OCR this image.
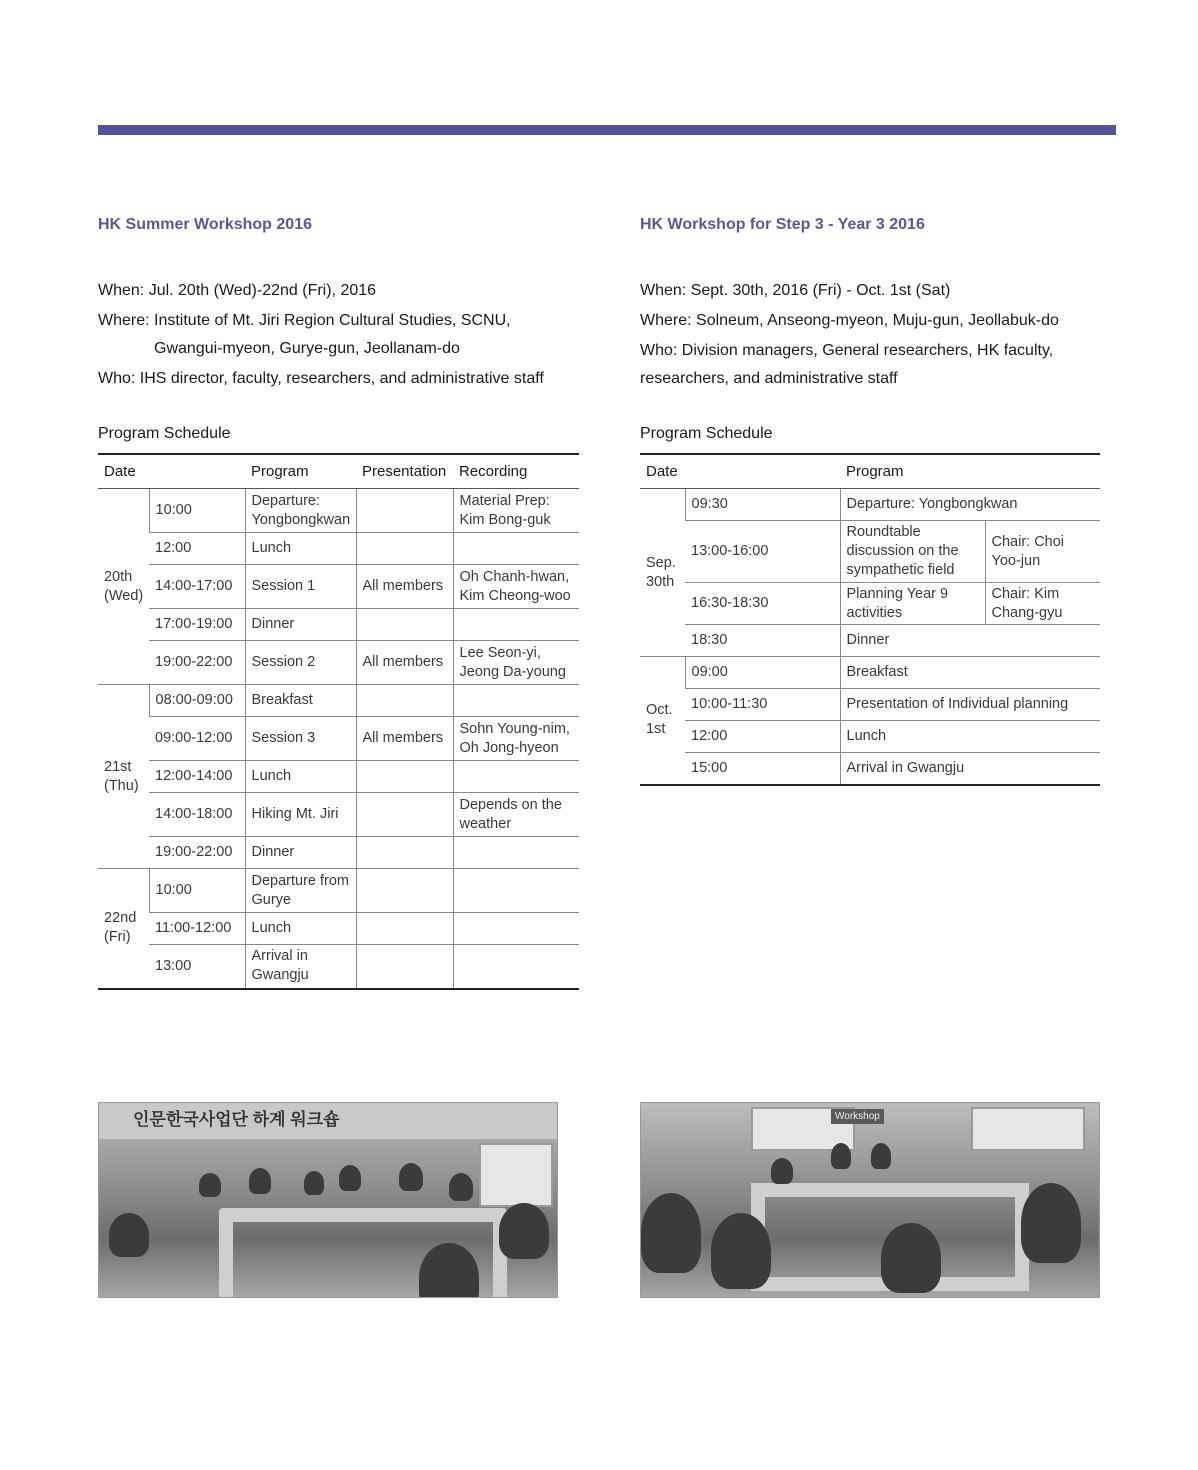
HK Summer Workshop 2016

When: Jul. 20th (Wed)-22nd (Fri), 2016

Where: Institute of Mt. Jiri Region Cultural Studies, SCNU,

Gwangui-myeon, Gurye-gun, Jeollanam-do

Who: IHS director, faculty, researchers, and administrative staff

Program Schedule
Date		Program	Presentation	Recording

20th
(Wed)	10:00	Departure: Yongbongkwan		Material Prep: Kim Bong-guk
	12:00	Lunch		
	14:00-17:00	Session 1	All members	Oh Chanh-hwan, Kim Cheong-woo
	17:00-19:00	Dinner		
	19:00-22:00	Session 2	All members	Lee Seon-yi, Jeong Da-young

21st
(Thu)	08:00-09:00	Breakfast		
	09:00-12:00	Session 3	All members	Sohn Young-nim, Oh Jong-hyeon
	12:00-14:00	Lunch		
	14:00-18:00	Hiking Mt. Jiri		Depends on the weather
	19:00-22:00	Dinner		

22nd
(Fri)	10:00	Departure from Gurye		
	11:00-12:00	Lunch		
	13:00	Arrival in Gwangju		
HK Workshop for Step 3 - Year 3 2016

When: Sept. 30th, 2016 (Fri) - Oct. 1st (Sat)

Where: Solneum, Anseong-myeon, Muju-gun, Jeollabuk-do

Who: Division managers, General researchers, HK faculty,

researchers, and administrative staff

Program Schedule
Date		Program	

Sep.
30th	09:30	Departure: Yongbongkwan	
	13:00-16:00	Roundtable discussion on the sympathetic field	Chair: Choi Yoo-jun
	16:30-18:30	Planning Year 9 activities	Chair: Kim Chang-gyu
	18:30	Dinner	

Oct.
1st	09:00	Breakfast	
	10:00-11:30	Presentation of Individual planning	
	12:00	Lunch	
	15:00	Arrival in Gwangju	
인문한국사업단 하계 워크숍	Workshop
